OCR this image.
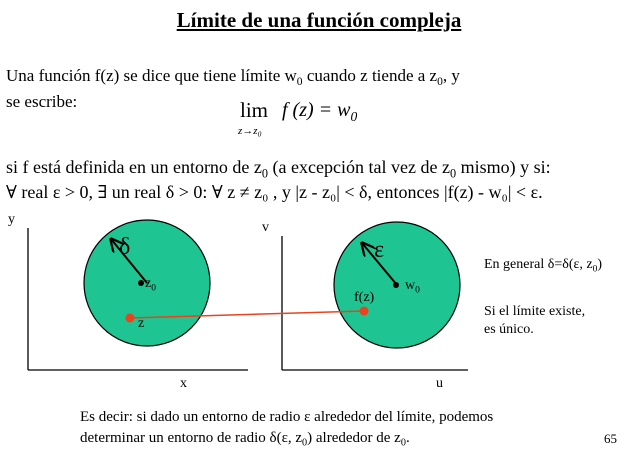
Límite de una función compleja
Una función f(z) se dice que tiene límite $w_0$ cuando z tiende a $z_0$, y
se escribe:	lim f $(z) = w_0$
$z\to z_0$
si f está definida en un entorno de $z_0$ (a excepción tal vez de $z_0$ mismo) y si:
∀ real ε > 0, ∃ un real δ > 0: ∀ z ≠ z₀ , y |z - z₀| < δ, entonces |f(z) - w₀| < ε.
y
x
δ
$z_0$
z
v
u
ε
$w_0$
f(z)
En general δ=δ(ε, $z_0$)
Si el límite existe,
es único.
Es decir: si dado un entorno de radio ε alrededor del límite, podemos
determinar un entorno de radio δ(ε, $z_0$) alrededor de $z_0$.	65
